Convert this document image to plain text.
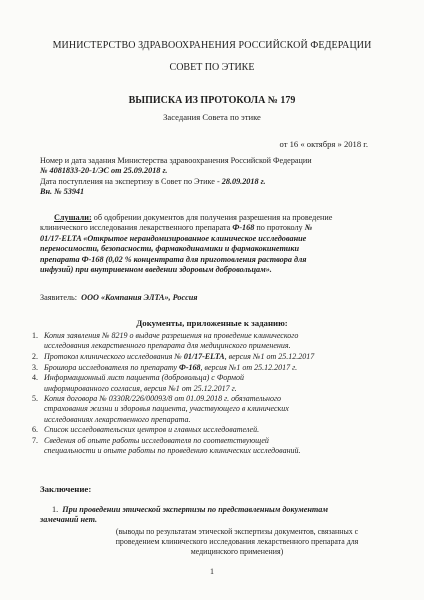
МИНИСТЕРСТВО ЗДРАВООХРАНЕНИЯ РОССИЙСКОЙ ФЕДЕРАЦИИ
СОВЕТ ПО ЭТИКЕ
ВЫПИСКА ИЗ ПРОТОКОЛА № 179
Заседания Совета по этике
от 16 « октября » 2018 г.
Номер и дата задания Министерства здравоохранения Российской Федерации
№ 4081833-20-1/ЭС от 25.09.2018 г.
Дата поступления на экспертизу в Совет по Этике - 28.09.2018 г.
Вн. № 53941
Слушали: об одобрении документов для получения разрешения на проведение
клинического исследования лекарственного препарата Ф-168 по протоколу №
01/17-ELTA «Открытое нерандомизированное клиническое исследование
переносимости, безопасности, фармакодинамики и фармакокинетики
препарата Ф-168 (0,02 % концентрата для приготовления раствора для
инфузий) при внутривенном введении здоровым добровольцам».
Заявитель: ООО «Компания ЭЛТА», Россия
Документы, приложенные к заданию:
1. Копия заявления № 8219 о выдаче разрешения на проведение клинического
исследования лекарственного препарата для медицинского применения.
2. Протокол клинического исследования № 01/17-ELTA, версия №1 от 25.12.2017
3. Брошюра исследователя по препарату Ф-168, версия №1 от 25.12.2017 г.
4. Информационный лист пациента (добровольца) с Формой
информированного согласия, версия №1 от 25.12.2017 г.
5. Копия договора № 0330R/226/00093/8 от 01.09.2018 г. обязательного
страхования жизни и здоровья пациента, участвующего в клинических
исследованиях лекарственного препарата.
6. Список исследовательских центров и главных исследователей.
7. Сведения об опыте работы исследователя по соответствующей
специальности и опыте работы по проведению клинических исследований.
Заключение:
1. При проведении этической экспертизы по представленным документам
замечаний нет.
(выводы по результатам этической экспертизы документов, связанных с
проведением клинического исследования лекарственного препарата для
медицинского применения)
1
